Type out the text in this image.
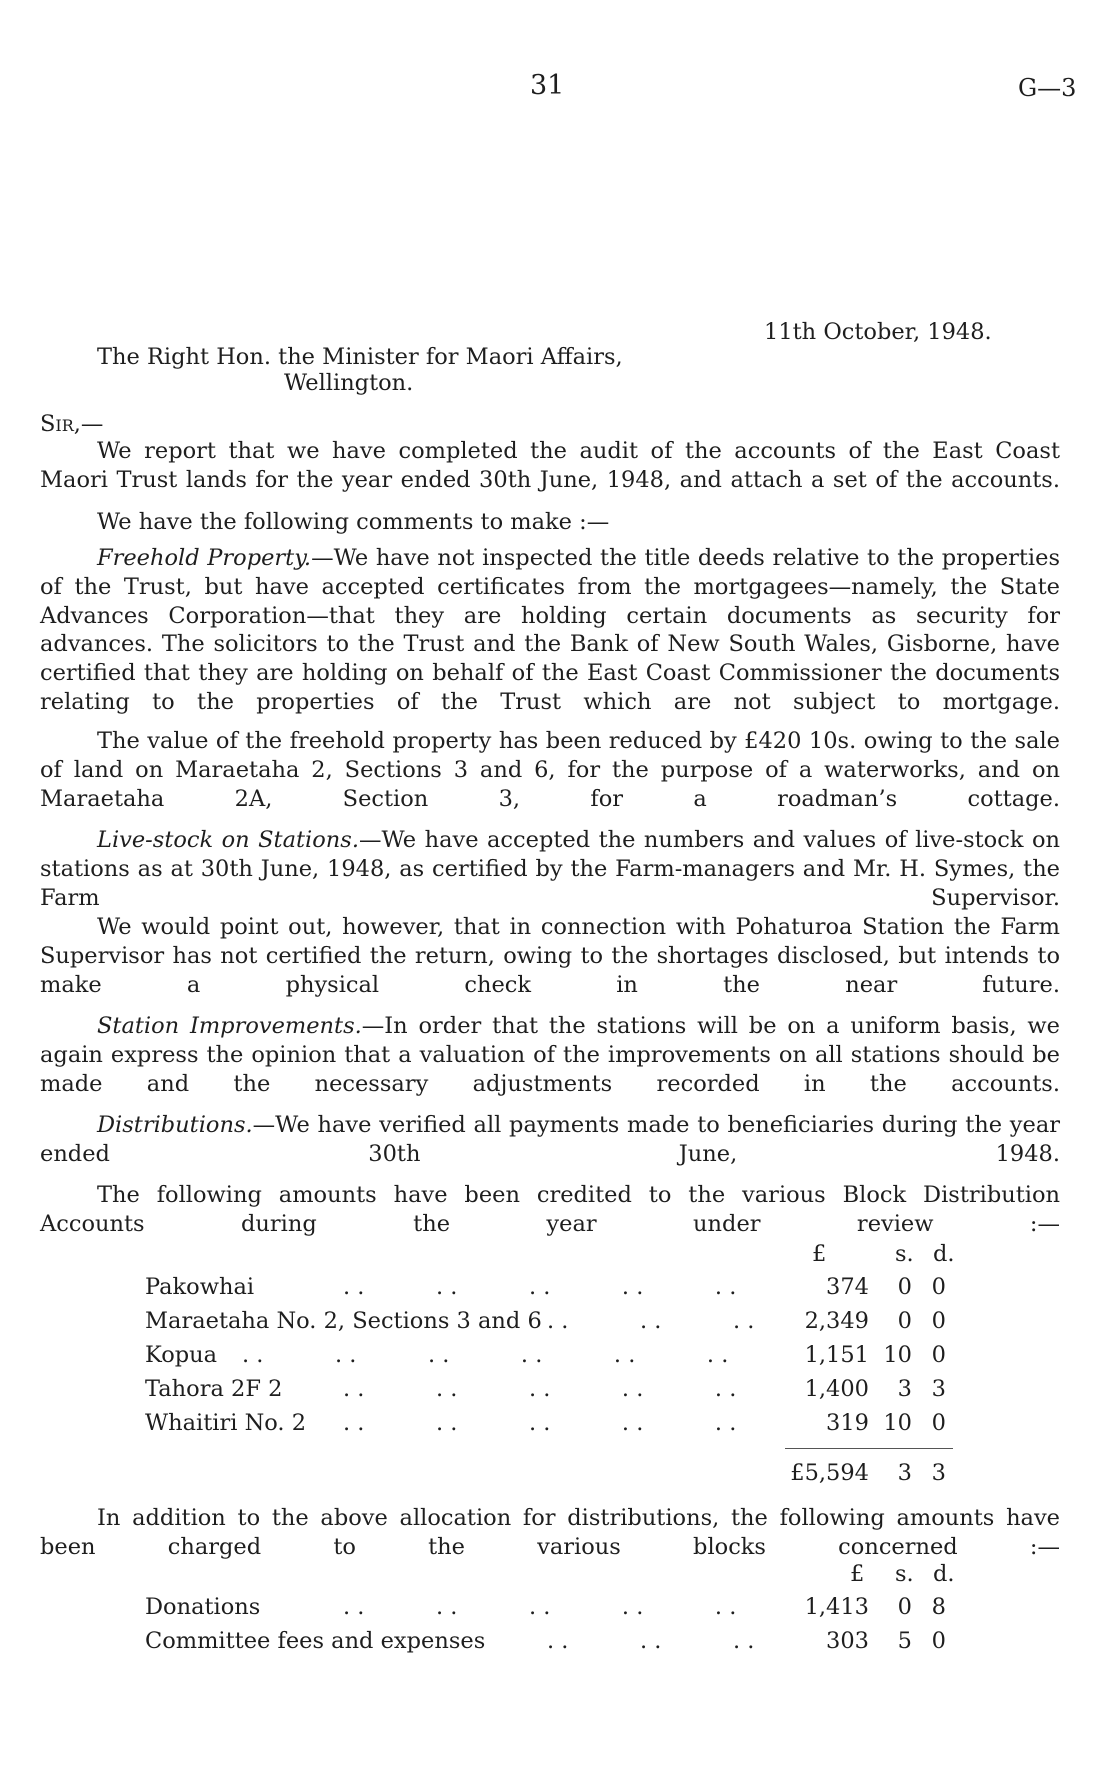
31	G—3
11th October, 1948.
The Right Hon. the Minister for Maori Affairs,
Wellington.
Sir,—
We report that we have completed the audit of the accounts of the East Coast Maori Trust lands for the year ended 30th June, 1948, and attach a set of the accounts.
We have the following comments to make :—
Freehold Property.—We have not inspected the title deeds relative to the properties of the Trust, but have accepted certificates from the mortgagees—namely, the State Advances Corporation—that they are holding certain documents as security for advances. The solicitors to the Trust and the Bank of New South Wales, Gisborne, have certified that they are holding on behalf of the East Coast Commissioner the documents relating to the properties of the Trust which are not subject to mortgage.
The value of the freehold property has been reduced by £420 10s. owing to the sale of land on Maraetaha 2, Sections 3 and 6, for the purpose of a waterworks, and on Maraetaha 2A, Section 3, for a roadman’s cottage.
Live-stock on Stations.—We have accepted the numbers and values of live-stock on stations as at 30th June, 1948, as certified by the Farm-managers and Mr. H. Symes, the Farm Supervisor.
We would point out, however, that in connection with Pohaturoa Station the Farm Supervisor has not certified the return, owing to the shortages disclosed, but intends to make a physical check in the near future.
Station Improvements.—In order that the stations will be on a uniform basis, we again express the opinion that a valuation of the improvements on all stations should be made and the necessary adjustments recorded in the accounts.
Distributions.—We have verified all payments made to beneficiaries during the year ended 30th June, 1948.
The following amounts have been credited to the various Block Distribution Accounts during the year under review :—
£	s. d.
Pakowhai	. .          . .          . .          . .          . .	374 0 0
Maraetaha No. 2, Sections 3 and 6 . .          . .          . . 2,349 0 0
Kopua . .          . .          . .          . .          . .          . .	1,151 10 0
Tahora 2F 2	. .          . .          . .          . .          . .	1,400 3 3
Whaitiri No. 2 . .          . .          . .          . .          . .	319 10 0
£5,594 3 3
In addition to the above allocation for distributions, the following amounts have been charged to the various blocks concerned :—
£ s. d.
Donations	. .          . .          . .          . .          . .	1,413 0 8
Committee fees and expenses	. .          . .          . .	303 5 0
